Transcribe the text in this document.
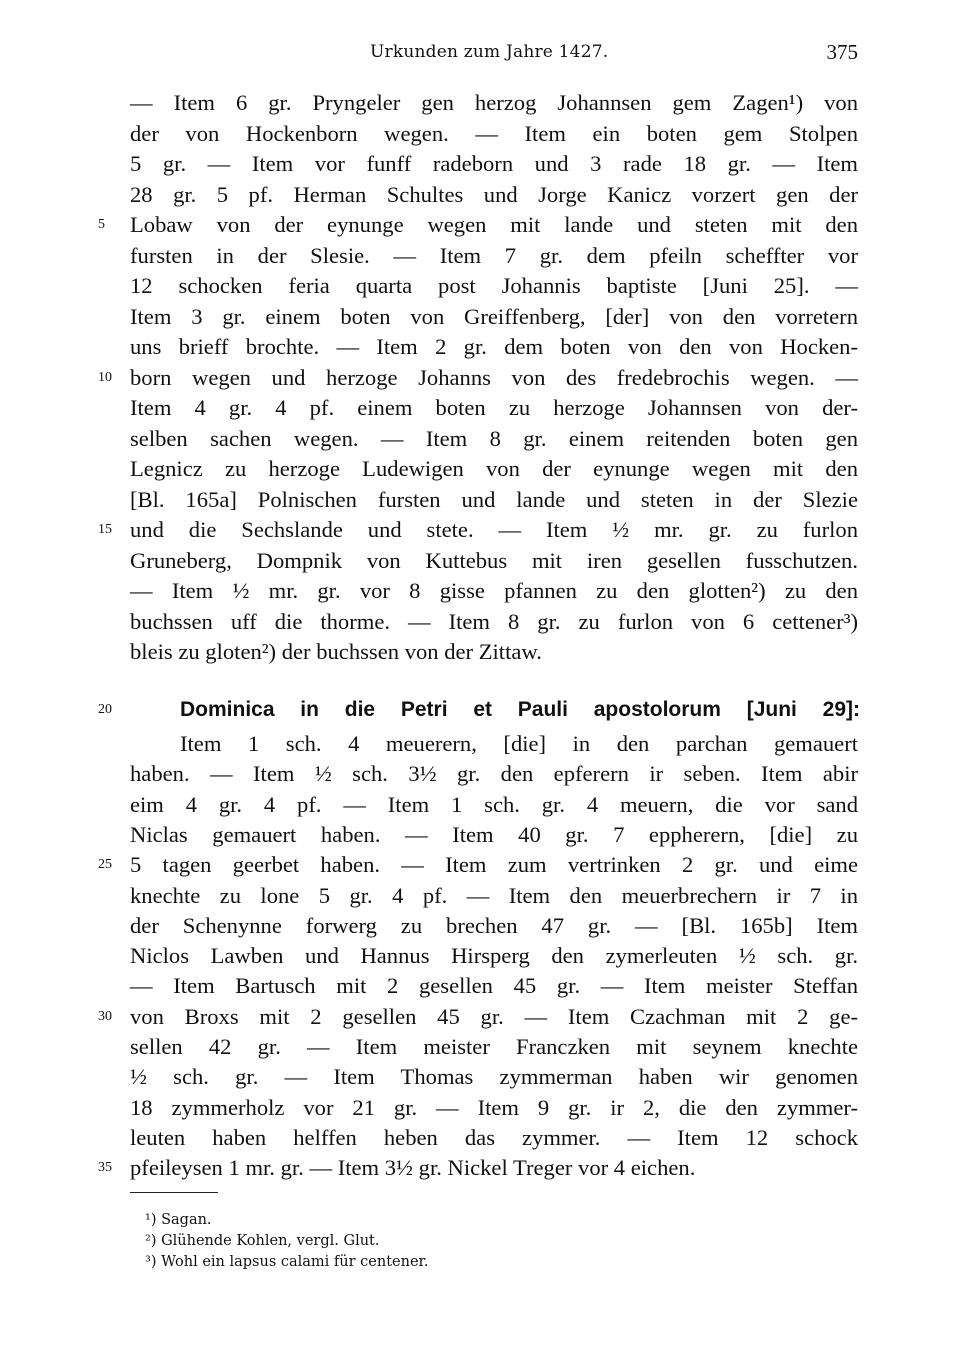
Urkunden zum Jahre 1427.	375
— Item 6 gr. Pryngeler gen herzog Johannsen gem Zagen¹) von
der von Hockenborn wegen. — Item ein boten gem Stolpen
5 gr. — Item vor funff radeborn und 3 rade 18 gr. — Item
28 gr. 5 pf. Herman Schultes und Jorge Kanicz vorzert gen der
Lobaw von der eynunge wegen mit lande und steten mit den
fursten in der Slesie. — Item 7 gr. dem pfeiln scheffter vor
12 schocken feria quarta post Johannis baptiste [Juni 25]. —
Item 3 gr. einem boten von Greiffenberg, [der] von den vorretern
uns brieff brochte. — Item 2 gr. dem boten von den von Hocken-
born wegen und herzoge Johanns von des fredebrochis wegen. —
Item 4 gr. 4 pf. einem boten zu herzoge Johannsen von der-
selben sachen wegen. — Item 8 gr. einem reitenden boten gen
Legnicz zu herzoge Ludewigen von der eynunge wegen mit den
[Bl. 165a] Polnischen fursten und lande und steten in der Slezie
und die Sechslande und stete. — Item ½ mr. gr. zu furlon
Gruneberg, Dompnik von Kuttebus mit iren gesellen fusschutzen.
— Item ½ mr. gr. vor 8 gisse pfannen zu den glotten²) zu den
buchssen uff die thorme. — Item 8 gr. zu furlon von 6 cettener³)
bleis zu gloten²) der buchssen von der Zittaw.
Dominica in die Petri et Pauli apostolorum [Juni 29]:
Item 1 sch. 4 meuerern, [die] in den parchan gemauert
haben. — Item ½ sch. 3½ gr. den epferern ir seben. Item abir
eim 4 gr. 4 pf. — Item 1 sch. gr. 4 meuern, die vor sand
Niclas gemauert haben. — Item 40 gr. 7 eppherern, [die] zu
5 tagen geerbet haben. — Item zum vertrinken 2 gr. und eime
knechte zu lone 5 gr. 4 pf. — Item den meuerbrechern ir 7 in
der Schenynne forwerg zu brechen 47 gr. — [Bl. 165b] Item
Niclos Lawben und Hannus Hirsperg den zymerleuten ½ sch. gr.
— Item Bartusch mit 2 gesellen 45 gr. — Item meister Steffan
von Broxs mit 2 gesellen 45 gr. — Item Czachman mit 2 ge-
sellen 42 gr. — Item meister Franczken mit seynem knechte
½ sch. gr. — Item Thomas zymmerman haben wir genomen
18 zymmerholz vor 21 gr. — Item 9 gr. ir 2, die den zymmer-
leuten haben helffen heben das zymmer. — Item 12 schock
pfeileysen 1 mr. gr. — Item 3½ gr. Nickel Treger vor 4 eichen.
5
10
15
20
25
30
35
¹) Sagan.
²) Glühende Kohlen, vergl. Glut.
³) Wohl ein lapsus calami für centener.
